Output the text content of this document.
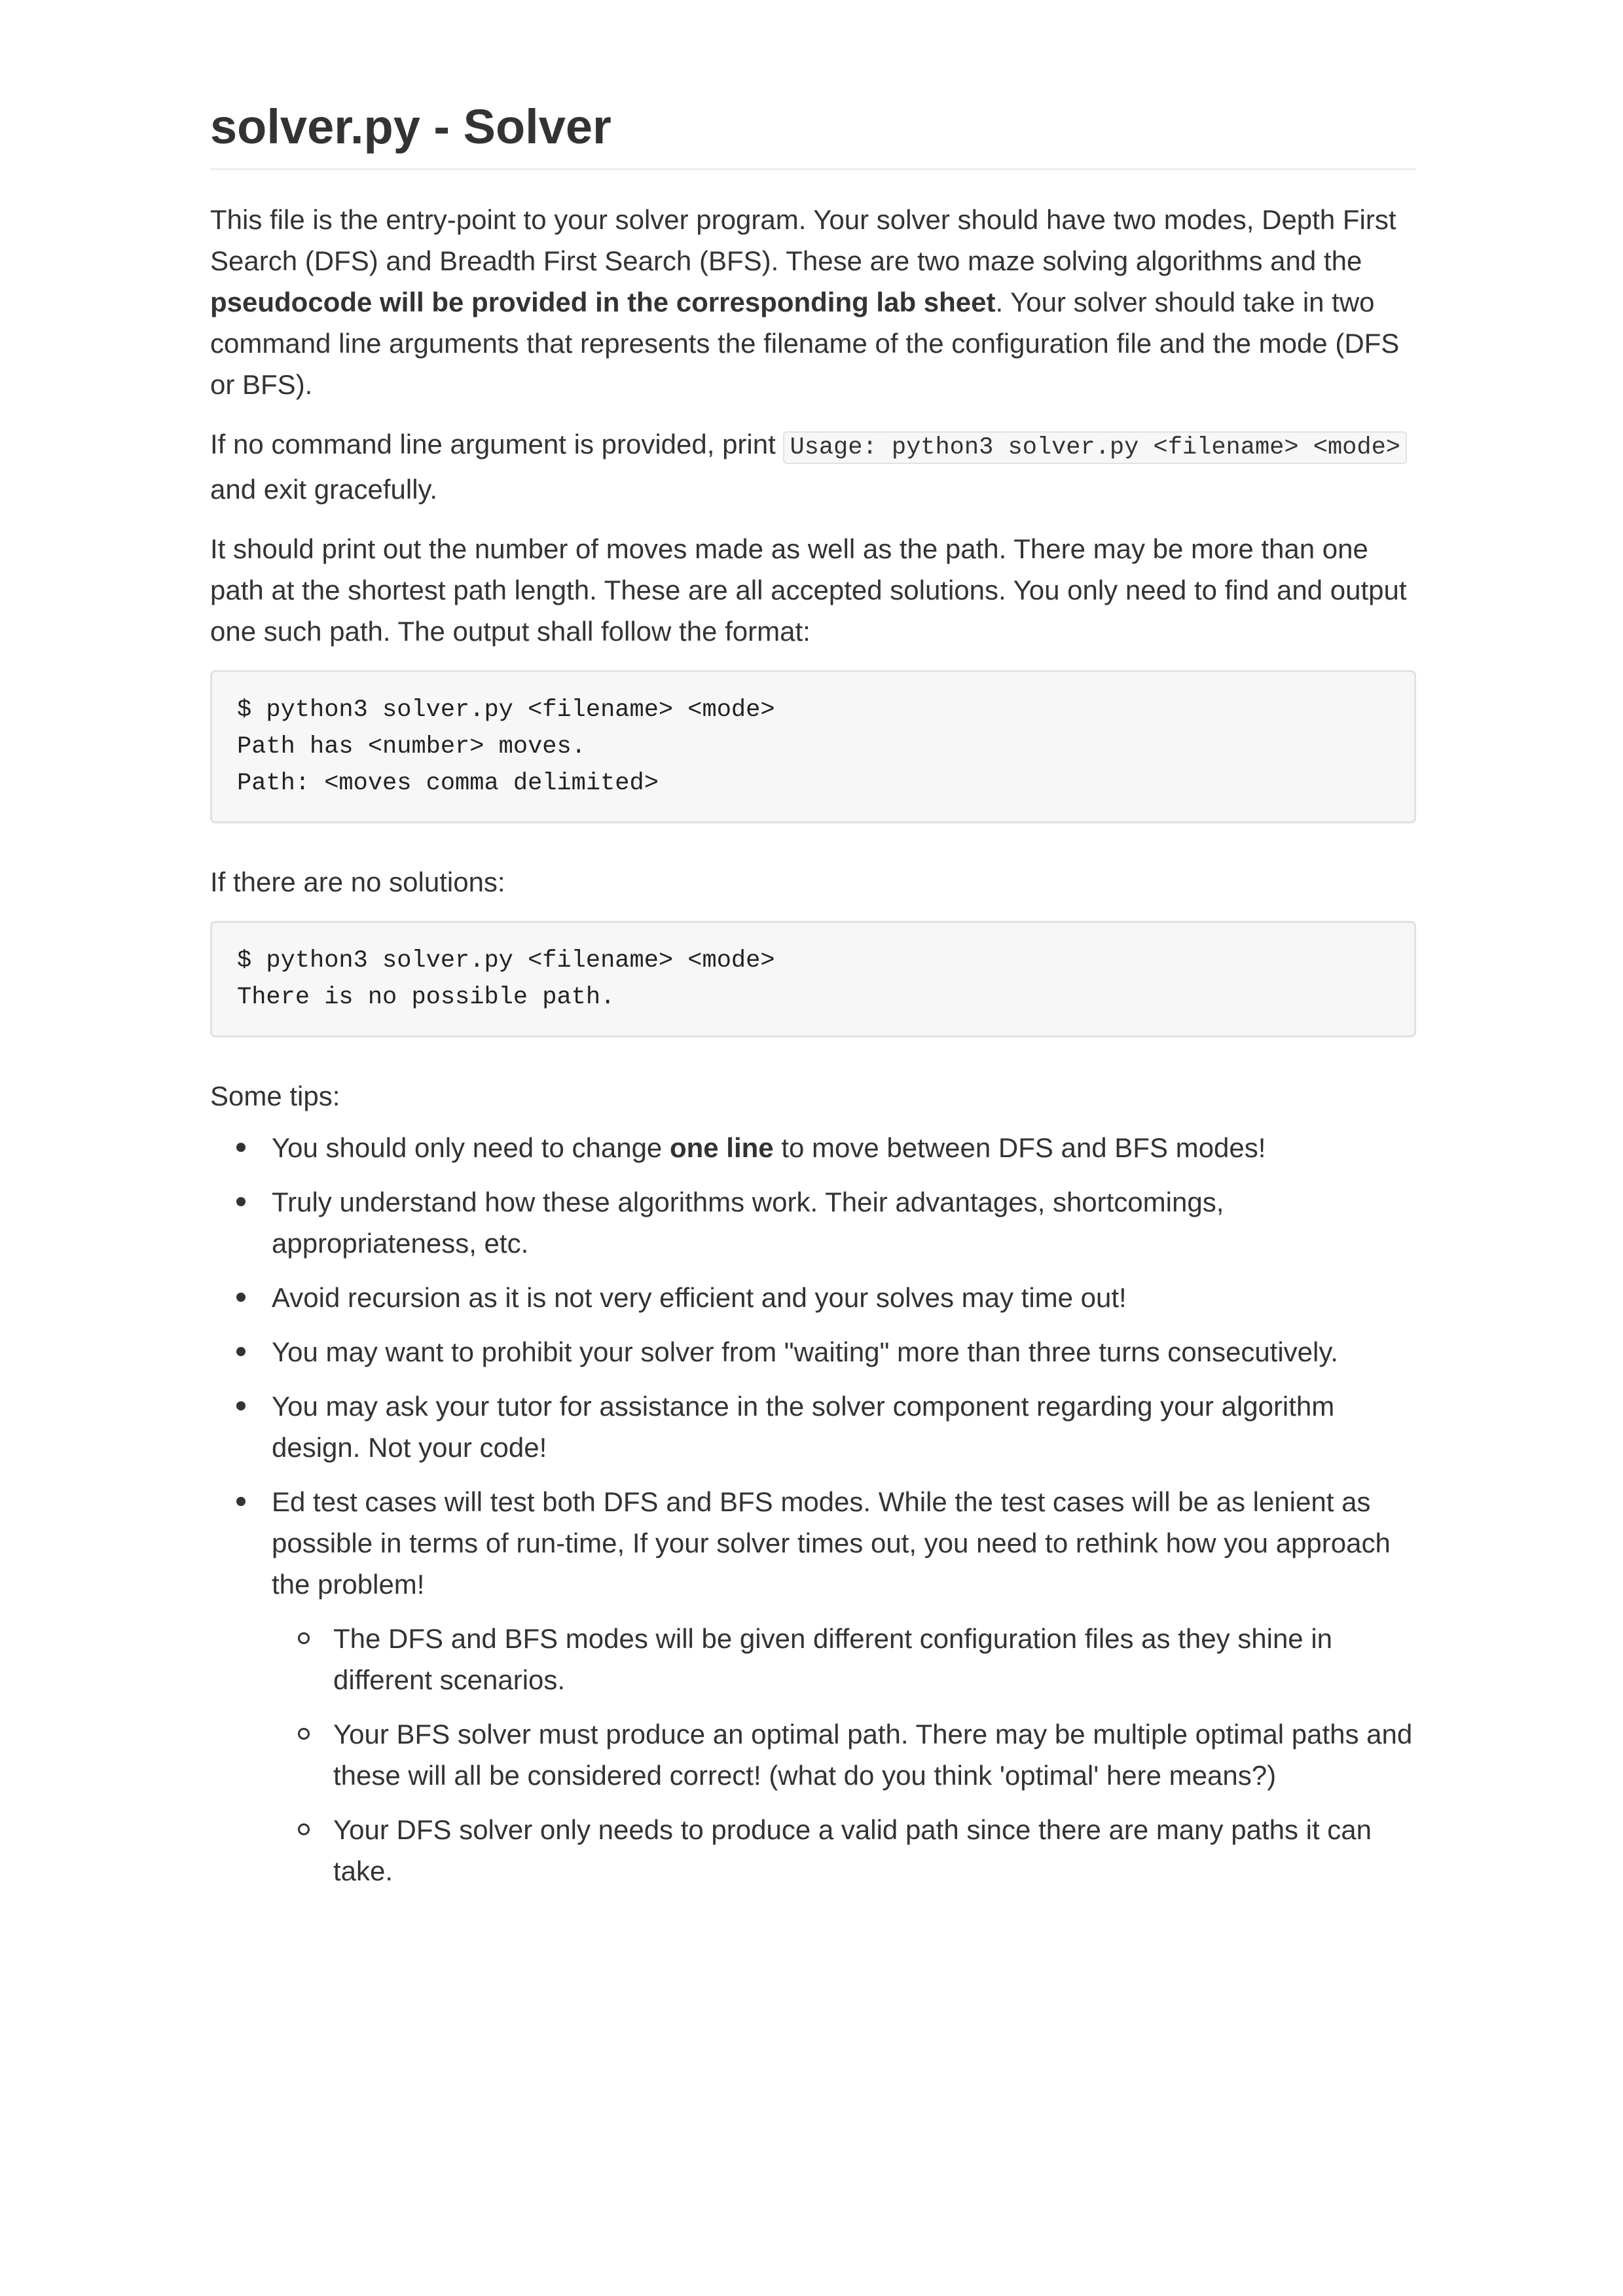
solver.py - Solver

This file is the entry-point to your solver program. Your solver should have two modes, Depth First Search (DFS) and Breadth First Search (BFS). These are two maze solving algorithms and the pseudocode will be provided in the corresponding lab sheet. Your solver should take in two command line arguments that represents the filename of the configuration file and the mode (DFS or BFS).

If no command line argument is provided, print Usage: python3 solver.py <filename> <mode> and exit gracefully.

It should print out the number of moves made as well as the path. There may be more than one path at the shortest path length. These are all accepted solutions. You only need to find and output one such path. The output shall follow the format:

$ python3 solver.py <filename> <mode>
Path has <number> moves.
Path: <moves comma delimited>

If there are no solutions:

$ python3 solver.py <filename> <mode>
There is no possible path.

Some tips:

You should only need to change one line to move between DFS and BFS modes!
Truly understand how these algorithms work. Their advantages, shortcomings, appropriateness, etc.
Avoid recursion as it is not very efficient and your solves may time out!
You may want to prohibit your solver from "waiting" more than three turns consecutively.
You may ask your tutor for assistance in the solver component regarding your algorithm design. Not your code!
Ed test cases will test both DFS and BFS modes. While the test cases will be as lenient as possible in terms of run-time, If your solver times out, you need to rethink how you approach the problem!
The DFS and BFS modes will be given different configuration files as they shine in different scenarios.
Your BFS solver must produce an optimal path. There may be multiple optimal paths and these will all be considered correct! (what do you think 'optimal' here means?)
Your DFS solver only needs to produce a valid path since there are many paths it can take.
